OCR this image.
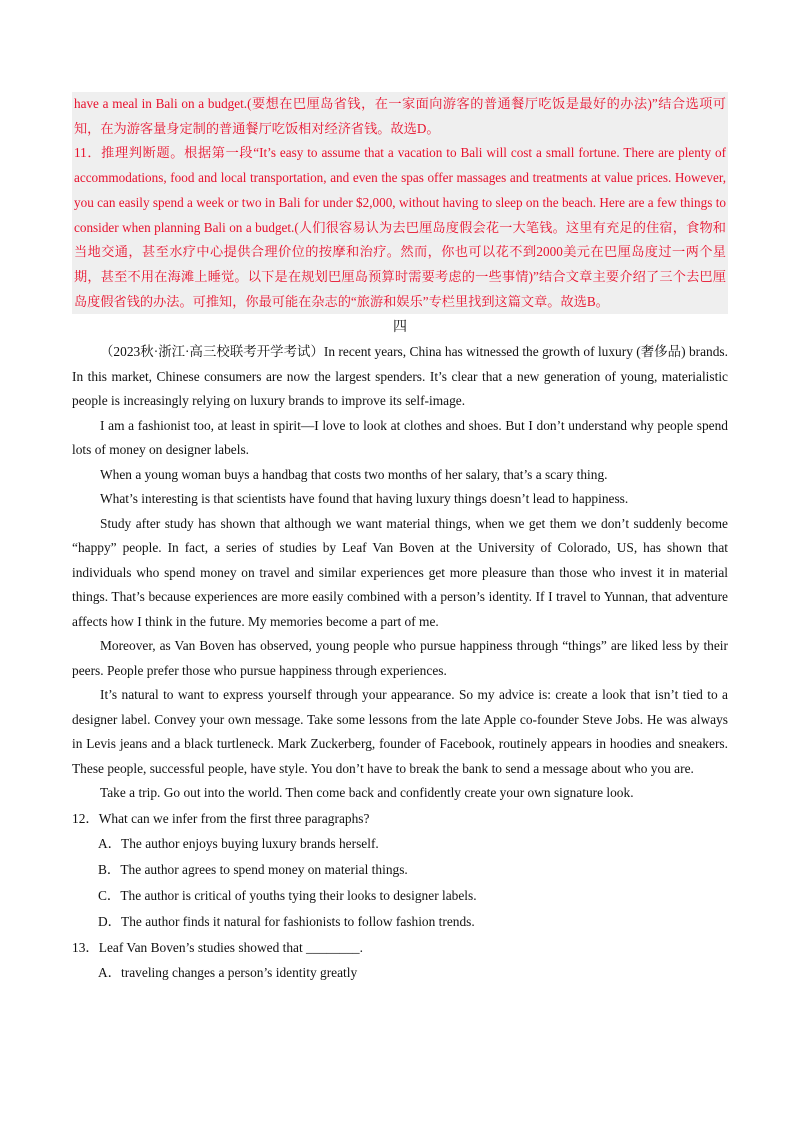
have a meal in Bali on a budget.(要想在巴厘岛省钱，在一家面向游客的普通餐厅吃饭是最好的办法)”结合选项可知，在为游客量身定制的普通餐厅吃饭相对经济省钱。故选D。

11．推理判断题。根据第一段“It’s easy to assume that a vacation to Bali will cost a small fortune. There are plenty of accommodations, food and local transportation, and even the spas offer massages and treatments at value prices. However, you can easily spend a week or two in Bali for under $2,000, without having to sleep on the beach. Here are a few things to consider when planning Bali on a budget.(人们很容易认为去巴厘岛度假会花一大笔钱。这里有充足的住宿，食物和当地交通，甚至水疗中心提供合理价位的按摩和治疗。然而，你也可以花不到2000美元在巴厘岛度过一两个星期，甚至不用在海滩上睡觉。以下是在规划巴厘岛预算时需要考虑的一些事情)”结合文章主要介绍了三个去巴厘岛度假省钱的办法。可推知，你最可能在杂志的“旅游和娱乐”专栏里找到这篇文章。故选B。

四

（2023秋·浙江·高三校联考开学考试）In recent years, China has witnessed the growth of luxury (奢侈品) brands. In this market, Chinese consumers are now the largest spenders. It’s clear that a new generation of young, materialistic people is increasingly relying on luxury brands to improve its self-image.

I am a fashionist too, at least in spirit—I love to look at clothes and shoes. But I don’t understand why people spend lots of money on designer labels.

When a young woman buys a handbag that costs two months of her salary, that’s a scary thing.

What’s interesting is that scientists have found that having luxury things doesn’t lead to happiness.

Study after study has shown that although we want material things, when we get them we don’t suddenly become “happy” people. In fact, a series of studies by Leaf Van Boven at the University of Colorado, US, has shown that individuals who spend money on travel and similar experiences get more pleasure than those who invest it in material things. That’s because experiences are more easily combined with a person’s identity. If I travel to Yunnan, that adventure affects how I think in the future. My memories become a part of me.

Moreover, as Van Boven has observed, young people who pursue happiness through “things” are liked less by their peers. People prefer those who pursue happiness through experiences.

It’s natural to want to express yourself through your appearance. So my advice is: create a look that isn’t tied to a designer label. Convey your own message. Take some lessons from the late Apple co-founder Steve Jobs. He was always in Levis jeans and a black turtleneck. Mark Zuckerberg, founder of Facebook, routinely appears in hoodies and sneakers. These people, successful people, have style. You don’t have to break the bank to send a message about who you are.

Take a trip. Go out into the world. Then come back and confidently create your own signature look.

12．What can we infer from the first three paragraphs?

A．The author enjoys buying luxury brands herself.

B．The author agrees to spend money on material things.

C．The author is critical of youths tying their looks to designer labels.

D．The author finds it natural for fashionists to follow fashion trends.

13．Leaf Van Boven’s studies showed that ________.

A．traveling changes a person’s identity greatly
